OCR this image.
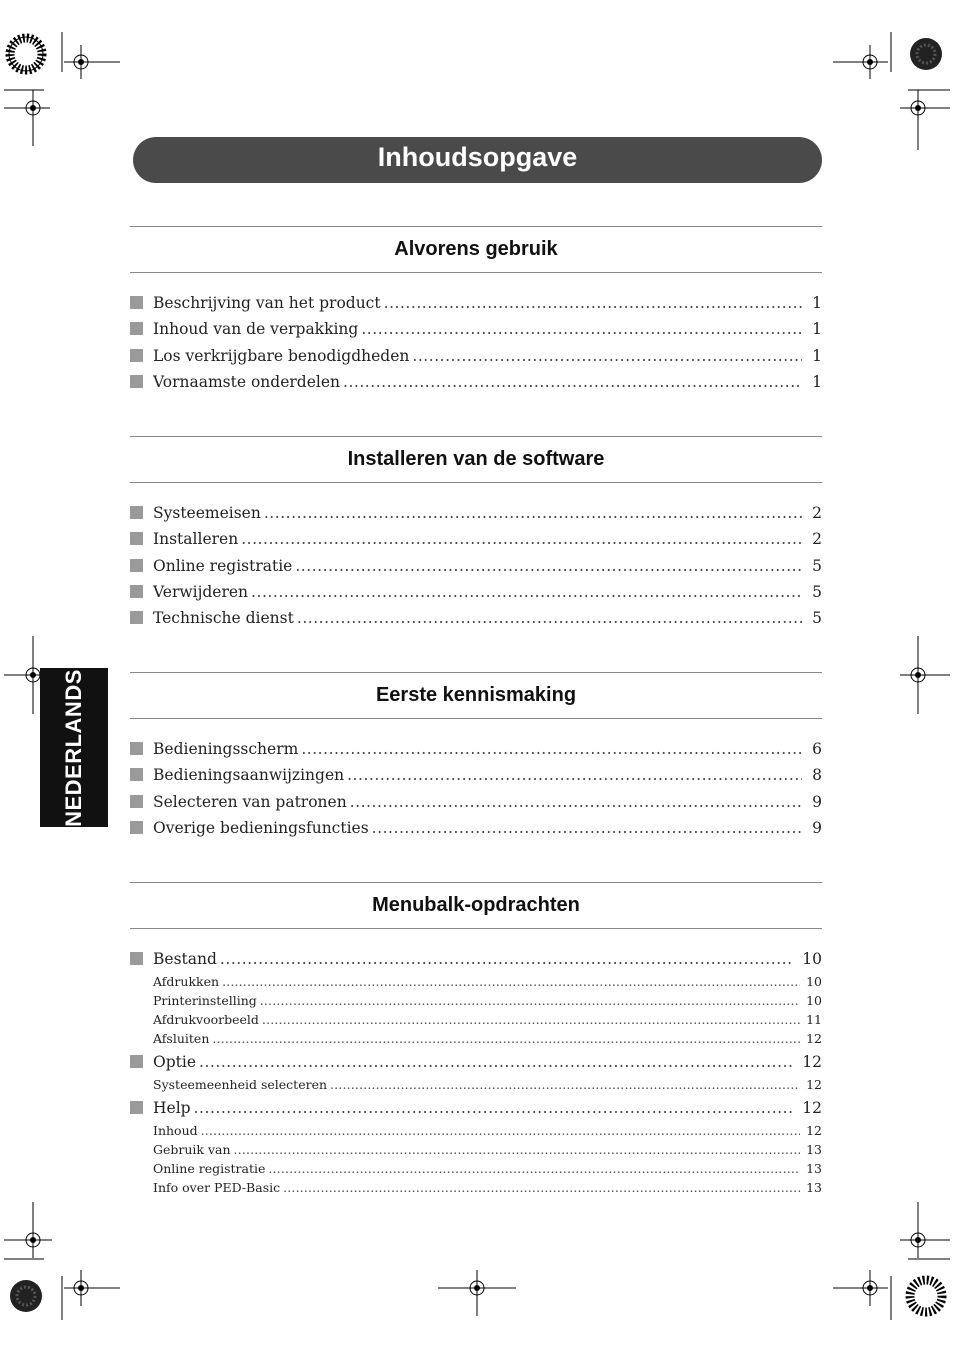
Inhoudsopgave
Alvorens gebruik
Beschrijving van het product . . .	1
Inhoud van de verpakking . . .	1
Los verkrijgbare benodigdheden . . .	1
Vornaamste onderdelen . . .	1
Installeren van de software
Systeemeisen . . .	2
Installeren . . .	2
Online registratie . . .	5
Verwijderen . . .	5
Technische dienst . . .	5
Eerste kennismaking
Bedieningsscherm . . .	6
Bedieningsaanwijzingen . . .	8
Selecteren van patronen . . .	9
Overige bedieningsfuncties . . .	9
Menubalk-opdrachten
Bestand . . .	10
Afdrukken . . .	10
Printerinstelling . . .	10
Afdrukvoorbeeld . . .	11
Afsluiten . . .	12
Optie . . .	12
Systeemeenheid selecteren . . .	12
Help . . .	12
Inhoud . . .	12
Gebruik van . . .	13
Online registratie . . .	13
Info over PED-Basic . . .	13
NEDERLANDS
